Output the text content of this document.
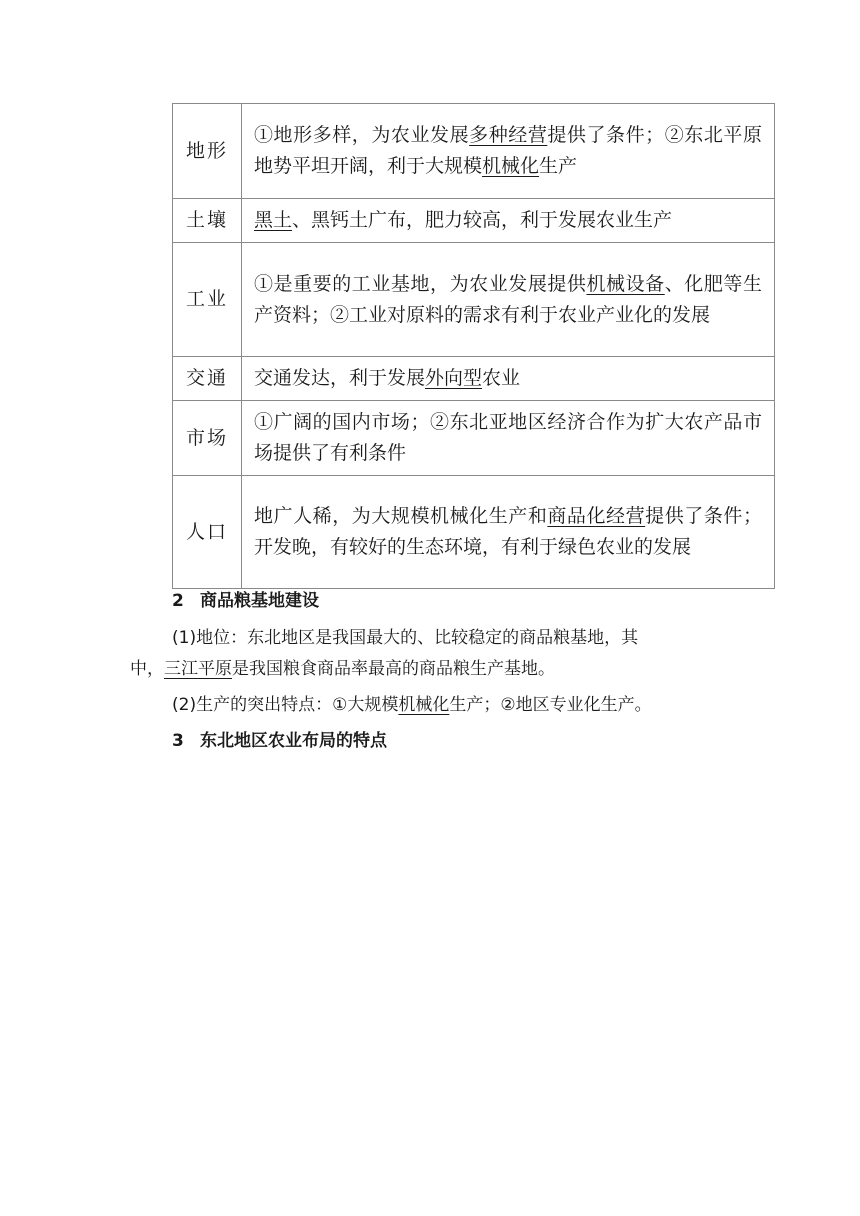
地形	①地形多样，为农业发展多种经营提供了条件；②东北平原地势平坦开阔，利于大规模机械化生产
土壤	黑土、黑钙土广布，肥力较高，利于发展农业生产
工业	①是重要的工业基地，为农业发展提供机械设备、化肥等生产资料；②工业对原料的需求有利于农业产业化的发展
交通	交通发达，利于发展外向型农业
市场	①广阔的国内市场；②东北亚地区经济合作为扩大农产品市场提供了有利条件
人口	地广人稀，为大规模机械化生产和商品化经营提供了条件；开发晚，有较好的生态环境，有利于绿色农业的发展
2 商品粮基地建设
(1)地位：东北地区是我国最大的、比较稳定的商品粮基地，其
中，三江平原是我国粮食商品率最高的商品粮生产基地。
(2)生产的突出特点：①大规模机械化生产；②地区专业化生产。
3 东北地区农业布局的特点
